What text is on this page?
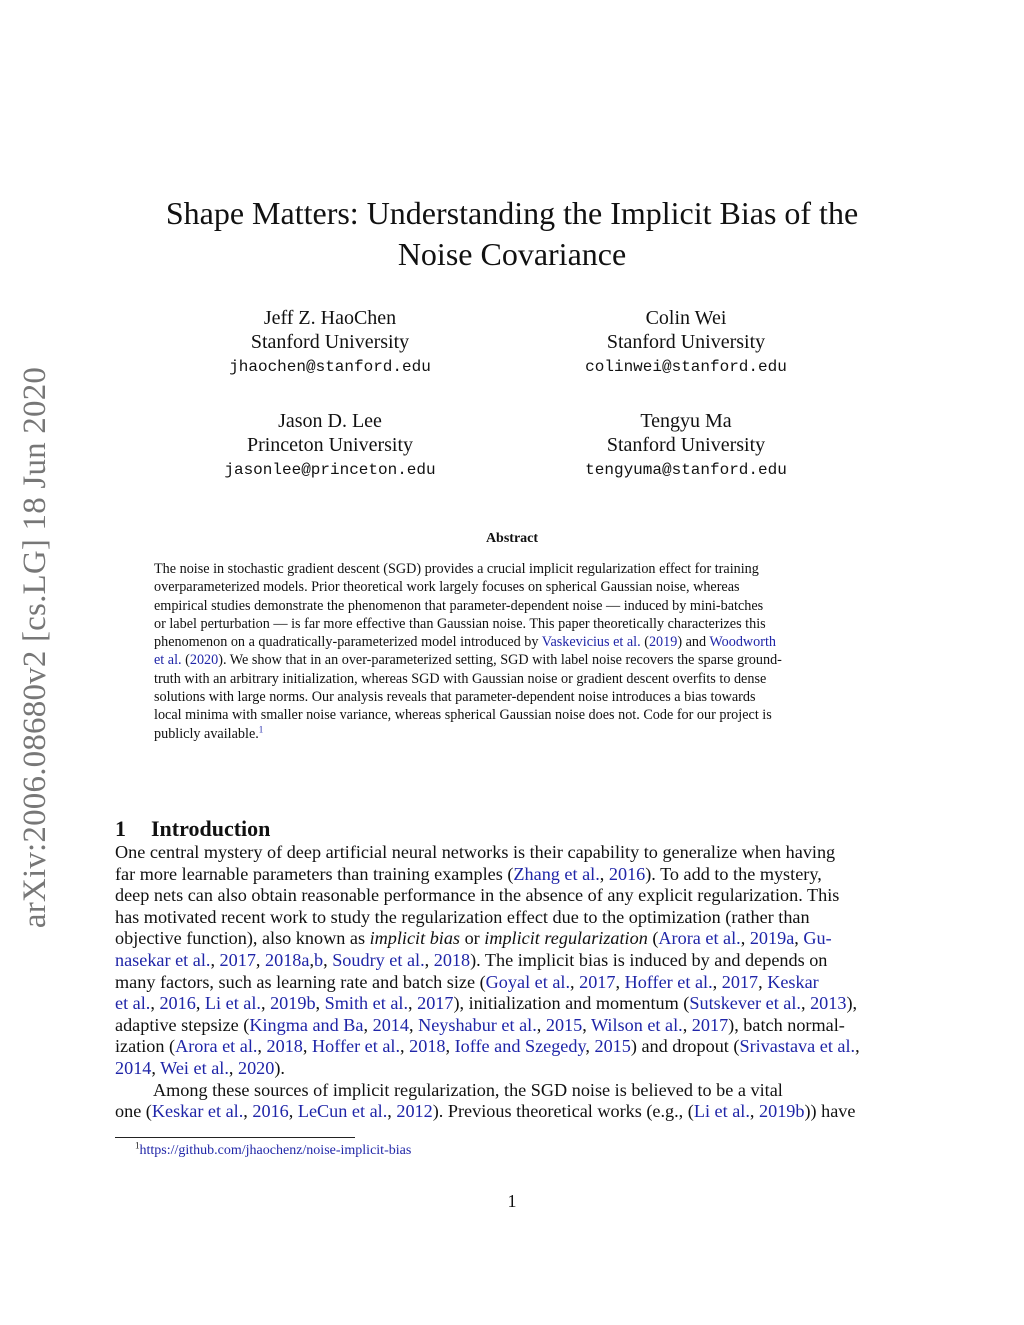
arXiv:2006.08680v2 [cs.LG] 18 Jun 2020
Shape Matters: Understanding the Implicit Bias of the
Noise Covariance
Jeff Z. HaoChen
Stanford University
jhaochen@stanford.edu
Colin Wei
Stanford University
colinwei@stanford.edu
Jason D. Lee
Princeton University
jasonlee@princeton.edu
Tengyu Ma
Stanford University
tengyuma@stanford.edu
Abstract
The noise in stochastic gradient descent (SGD) provides a crucial implicit regularization effect for training
overparameterized models. Prior theoretical work largely focuses on spherical Gaussian noise, whereas
empirical studies demonstrate the phenomenon that parameter-dependent noise — induced by mini-batches
or label perturbation — is far more effective than Gaussian noise. This paper theoretically characterizes this
phenomenon on a quadratically-parameterized model introduced by Vaskevicius et al. (2019) and Woodworth
et al. (2020). We show that in an over-parameterized setting, SGD with label noise recovers the sparse ground-
truth with an arbitrary initialization, whereas SGD with Gaussian noise or gradient descent overfits to dense
solutions with large norms. Our analysis reveals that parameter-dependent noise introduces a bias towards
local minima with smaller noise variance, whereas spherical Gaussian noise does not. Code for our project is
publicly available.$^1$
1 Introduction
One central mystery of deep artificial neural networks is their capability to generalize when having
far more learnable parameters than training examples (Zhang et al., 2016). To add to the mystery,
deep nets can also obtain reasonable performance in the absence of any explicit regularization. This
has motivated recent work to study the regularization effect due to the optimization (rather than
objective function), also known as implicit bias or implicit regularization (Arora et al., 2019a, Gu-
nasekar et al., 2017, 2018a,b, Soudry et al., 2018). The implicit bias is induced by and depends on
many factors, such as learning rate and batch size (Goyal et al., 2017, Hoffer et al., 2017, Keskar
et al., 2016, Li et al., 2019b, Smith et al., 2017), initialization and momentum (Sutskever et al., 2013),
adaptive stepsize (Kingma and Ba, 2014, Neyshabur et al., 2015, Wilson et al., 2017), batch normal-
ization (Arora et al., 2018, Hoffer et al., 2018, Ioffe and Szegedy, 2015) and dropout (Srivastava et al.,
2014, Wei et al., 2020).
Among these sources of implicit regularization, the SGD noise is believed to be a vital
one (Keskar et al., 2016, LeCun et al., 2012). Previous theoretical works (e.g., (Li et al., 2019b)) have
$^1$https://github.com/jhaochenz/noise-implicit-bias
1
